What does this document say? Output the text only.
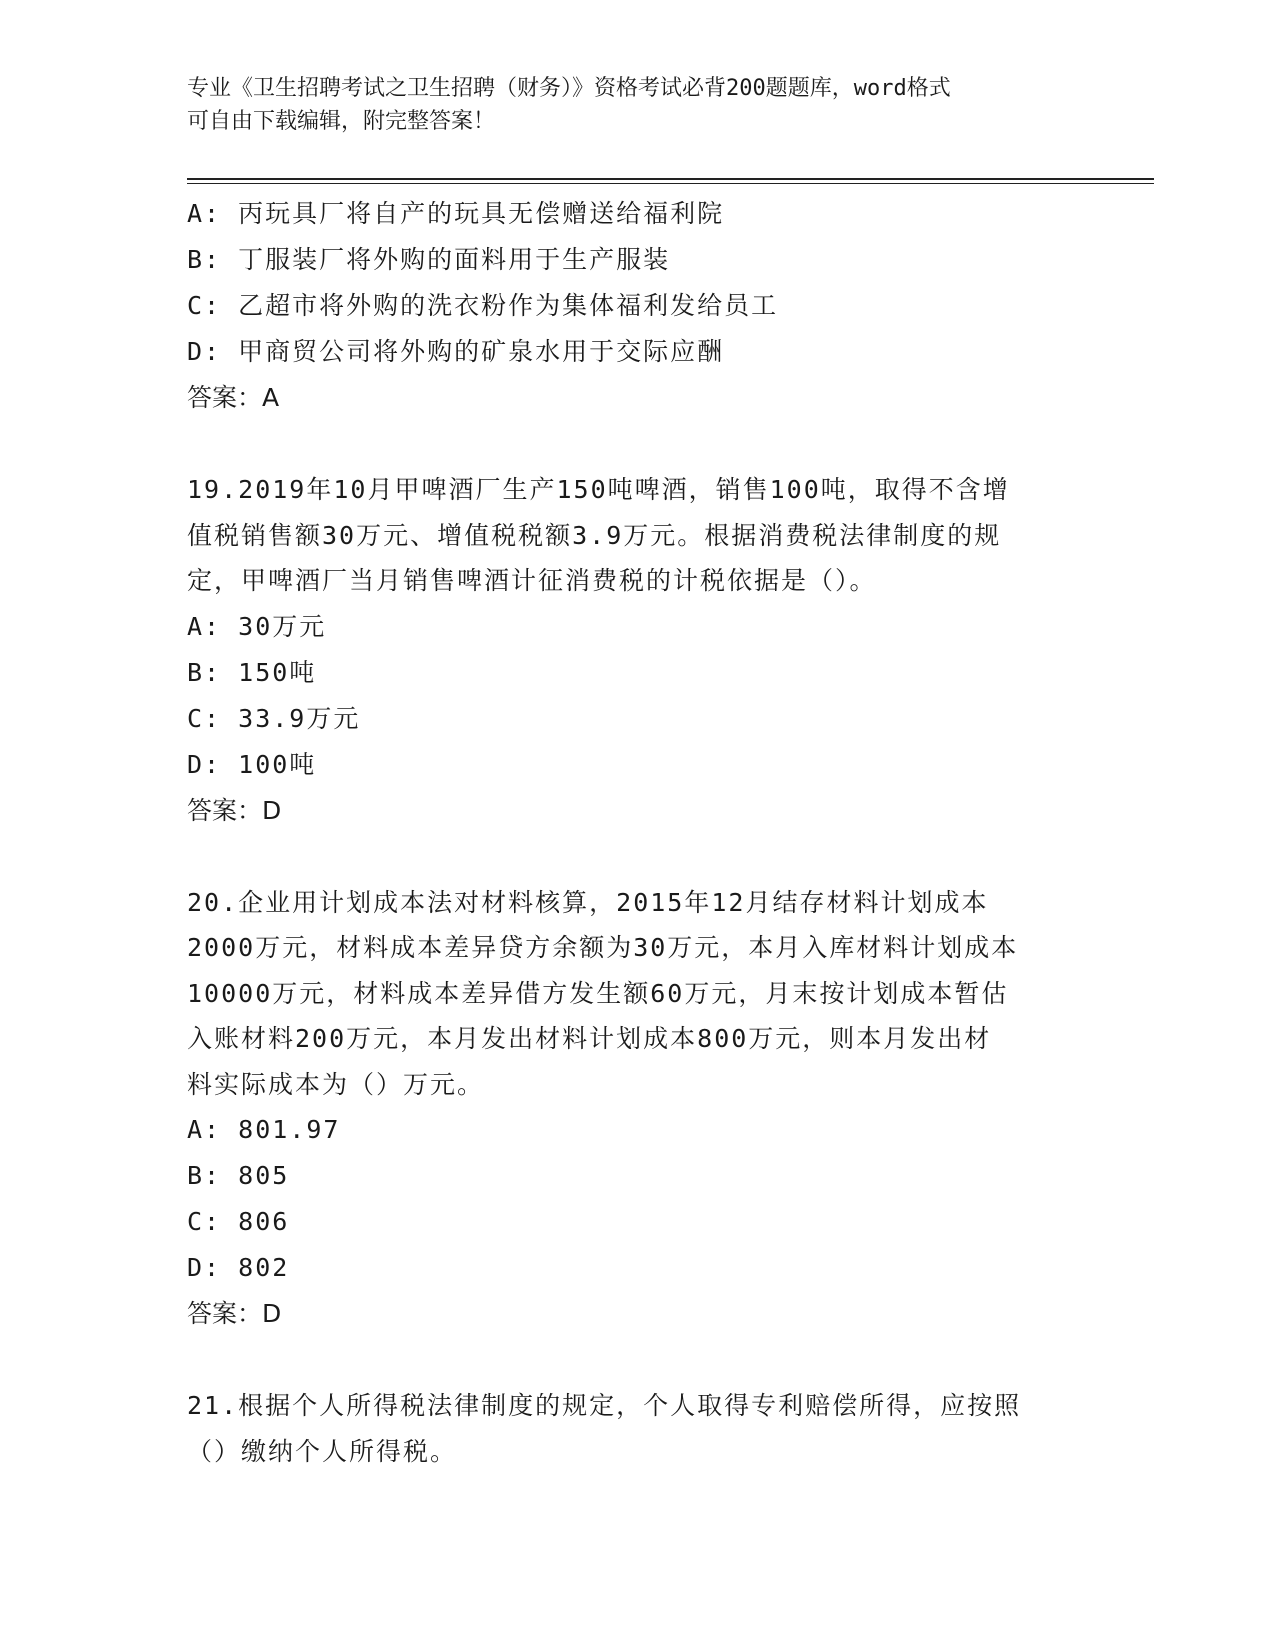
专业《卫生招聘考试之卫生招聘（财务）》资格考试必背200题题库，word格式
可自由下载编辑，附完整答案！
A: 丙玩具厂将自产的玩具无偿赠送给福利院
B: 丁服装厂将外购的面料用于生产服装
C: 乙超市将外购的洗衣粉作为集体福利发给员工
D: 甲商贸公司将外购的矿泉水用于交际应酬
答案：A
19.2019年10月甲啤酒厂生产150吨啤酒，销售100吨，取得不含增
值税销售额30万元、增值税税额3.9万元。根据消费税法律制度的规
定，甲啤酒厂当月销售啤酒计征消费税的计税依据是（）。
A: 30万元
B: 150吨
C: 33.9万元
D: 100吨
答案：D
20.企业用计划成本法对材料核算，2015年12月结存材料计划成本
2000万元，材料成本差异贷方余额为30万元，本月入库材料计划成本
10000万元，材料成本差异借方发生额60万元，月末按计划成本暂估
入账材料200万元，本月发出材料计划成本800万元，则本月发出材
料实际成本为（）万元。
A: 801.97
B: 805
C: 806
D: 802
答案：D
21.根据个人所得税法律制度的规定，个人取得专利赔偿所得，应按照
（）缴纳个人所得税。
